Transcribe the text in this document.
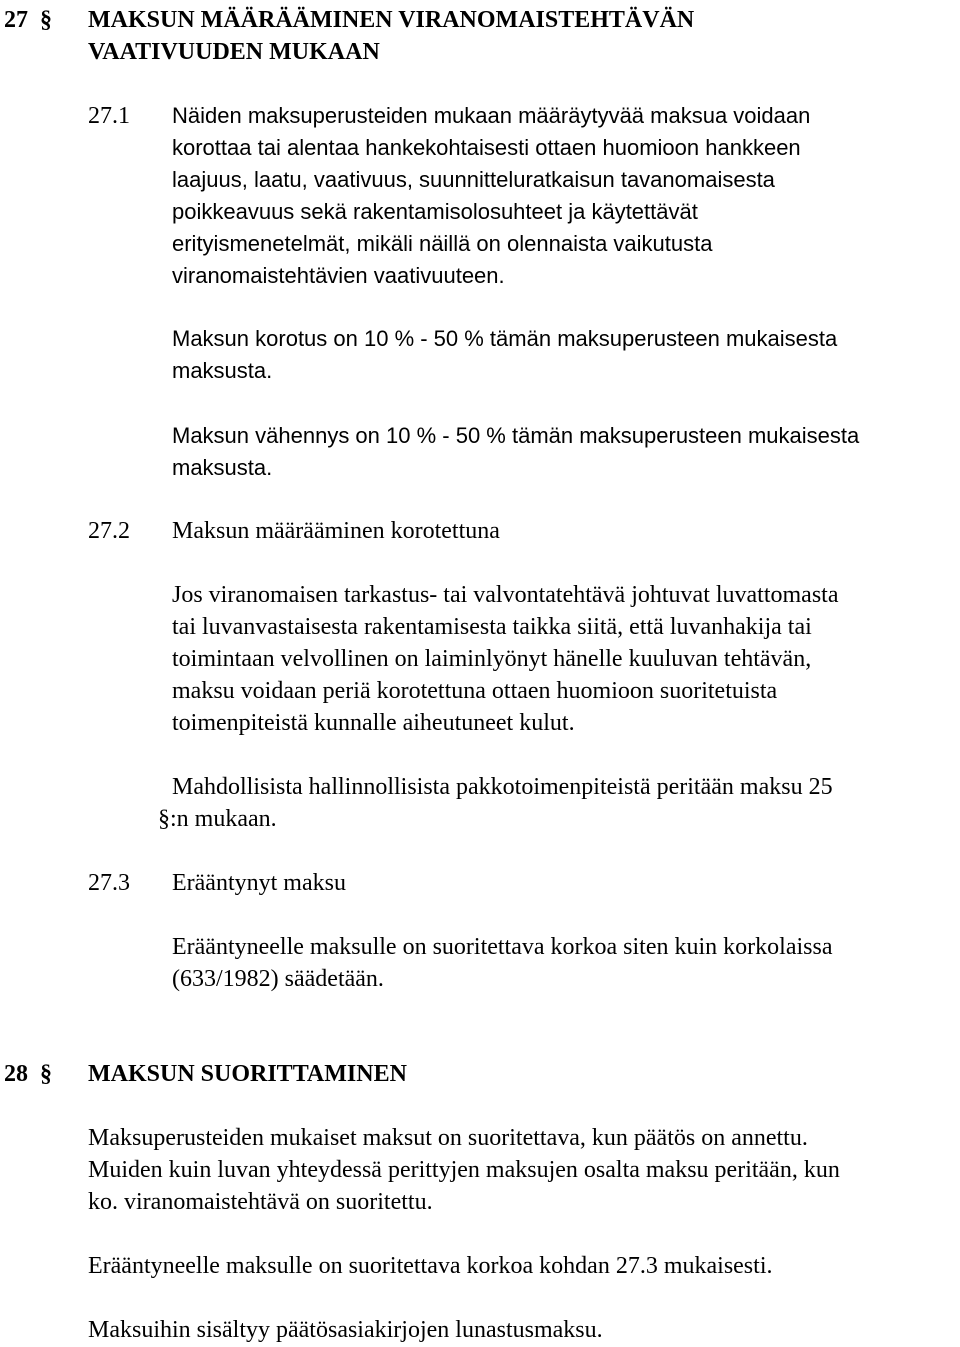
27 § MAKSUN MÄÄRÄÄMINEN VIRANOMAISTEHTÄVÄN
VAATIVUUDEN MUKAAN
27.1 Näiden maksuperusteiden mukaan määräytyvää maksua voidaan
korottaa tai alentaa hankekohtaisesti ottaen huomioon hankkeen
laajuus, laatu, vaativuus, suunnitteluratkaisun tavanomaisesta
poikkeavuus sekä rakentamisolosuhteet ja käytettävät
erityismenetelmät, mikäli näillä on olennaista vaikutusta
viranomaistehtävien vaativuuteen.
Maksun korotus on 10 % - 50 % tämän maksuperusteen mukaisesta
maksusta.
Maksun vähennys on 10 % - 50 % tämän maksuperusteen mukaisesta
maksusta.
27.2 Maksun määrääminen korotettuna
Jos viranomaisen tarkastus- tai valvontatehtävä johtuvat luvattomasta
tai luvanvastaisesta rakentamisesta taikka siitä, että luvanhakija tai
toimintaan velvollinen on laiminlyönyt hänelle kuuluvan tehtävän,
maksu voidaan periä korotettuna ottaen huomioon suoritetuista
toimenpiteistä kunnalle aiheutuneet kulut.
Mahdollisista hallinnollisista pakkotoimenpiteistä peritään maksu 25
§:n mukaan.
27.3 Erääntynyt maksu
Erääntyneelle maksulle on suoritettava korkoa siten kuin korkolaissa
(633/1982) säädetään.
28 § MAKSUN SUORITTAMINEN
Maksuperusteiden mukaiset maksut on suoritettava, kun päätös on annettu.
Muiden kuin luvan yhteydessä perittyjen maksujen osalta maksu peritään, kun
ko. viranomaistehtävä on suoritettu.
Erääntyneelle maksulle on suoritettava korkoa kohdan 27.3 mukaisesti.
Maksuihin sisältyy päätösasiakirjojen lunastusmaksu.
